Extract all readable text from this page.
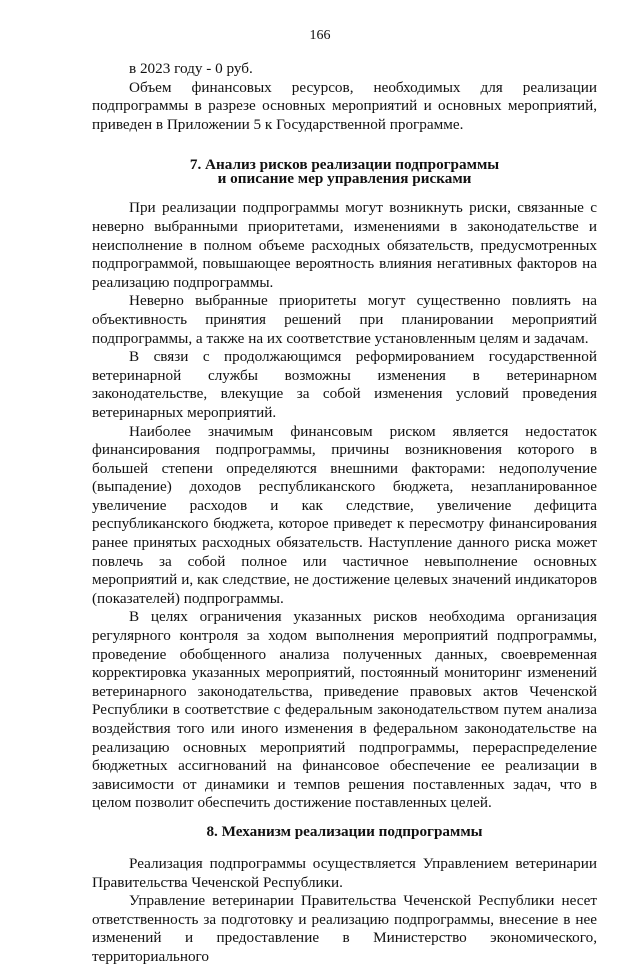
166

в 2023 году - 0 руб.

Объем финансовых ресурсов, необходимых для реализации подпрограммы в разрезе основных мероприятий и основных мероприятий, приведен в Приложении 5 к Государственной программе.

7. Анализ рисков реализации подпрограммы
и описание мер управления рисками

При реализации подпрограммы могут возникнуть риски, связанные с неверно выбранными приоритетами, изменениями в законодательстве и неисполнение в полном объеме расходных обязательств, предусмотренных подпрограммой, повышающее вероятность влияния негативных факторов на реализацию подпрограммы.

Неверно выбранные приоритеты могут существенно повлиять на объективность принятия решений при планировании мероприятий подпрограммы, а также на их соответствие установленным целям и задачам.

В связи с продолжающимся реформированием государственной ветеринарной службы возможны изменения в ветеринарном законодательстве, влекущие за собой изменения условий проведения ветеринарных мероприятий.

Наиболее значимым финансовым риском является недостаток финансирования подпрограммы, причины возникновения которого в большей степени определяются внешними факторами: недополучение (выпадение) доходов республиканского бюджета, незапланированное увеличение расходов и как следствие, увеличение дефицита республиканского бюджета, которое приведет к пересмотру финансирования ранее принятых расходных обязательств. Наступление данного риска может повлечь за собой полное или частичное невыполнение основных мероприятий и, как следствие, не достижение целевых значений индикаторов (показателей) подпрограммы.

В целях ограничения указанных рисков необходима организация регулярного контроля за ходом выполнения мероприятий подпрограммы, проведение обобщенного анализа полученных данных, своевременная корректировка указанных мероприятий, постоянный мониторинг изменений ветеринарного законодательства, приведение правовых актов Чеченской Республики в соответствие с федеральным законодательством путем анализа воздействия того или иного изменения в федеральном законодательстве на реализацию основных мероприятий подпрограммы, перераспределение бюджетных ассигнований на финансовое обеспечение ее реализации в зависимости от динамики и темпов решения поставленных задач, что в целом позволит обеспечить достижение поставленных целей.

8. Механизм реализации подпрограммы

Реализация подпрограммы осуществляется Управлением ветеринарии Правительства Чеченской Республики.

Управление ветеринарии Правительства Чеченской Республики несет ответственность за подготовку и реализацию подпрограммы, внесение в нее изменений и предоставление в Министерство экономического, территориального
